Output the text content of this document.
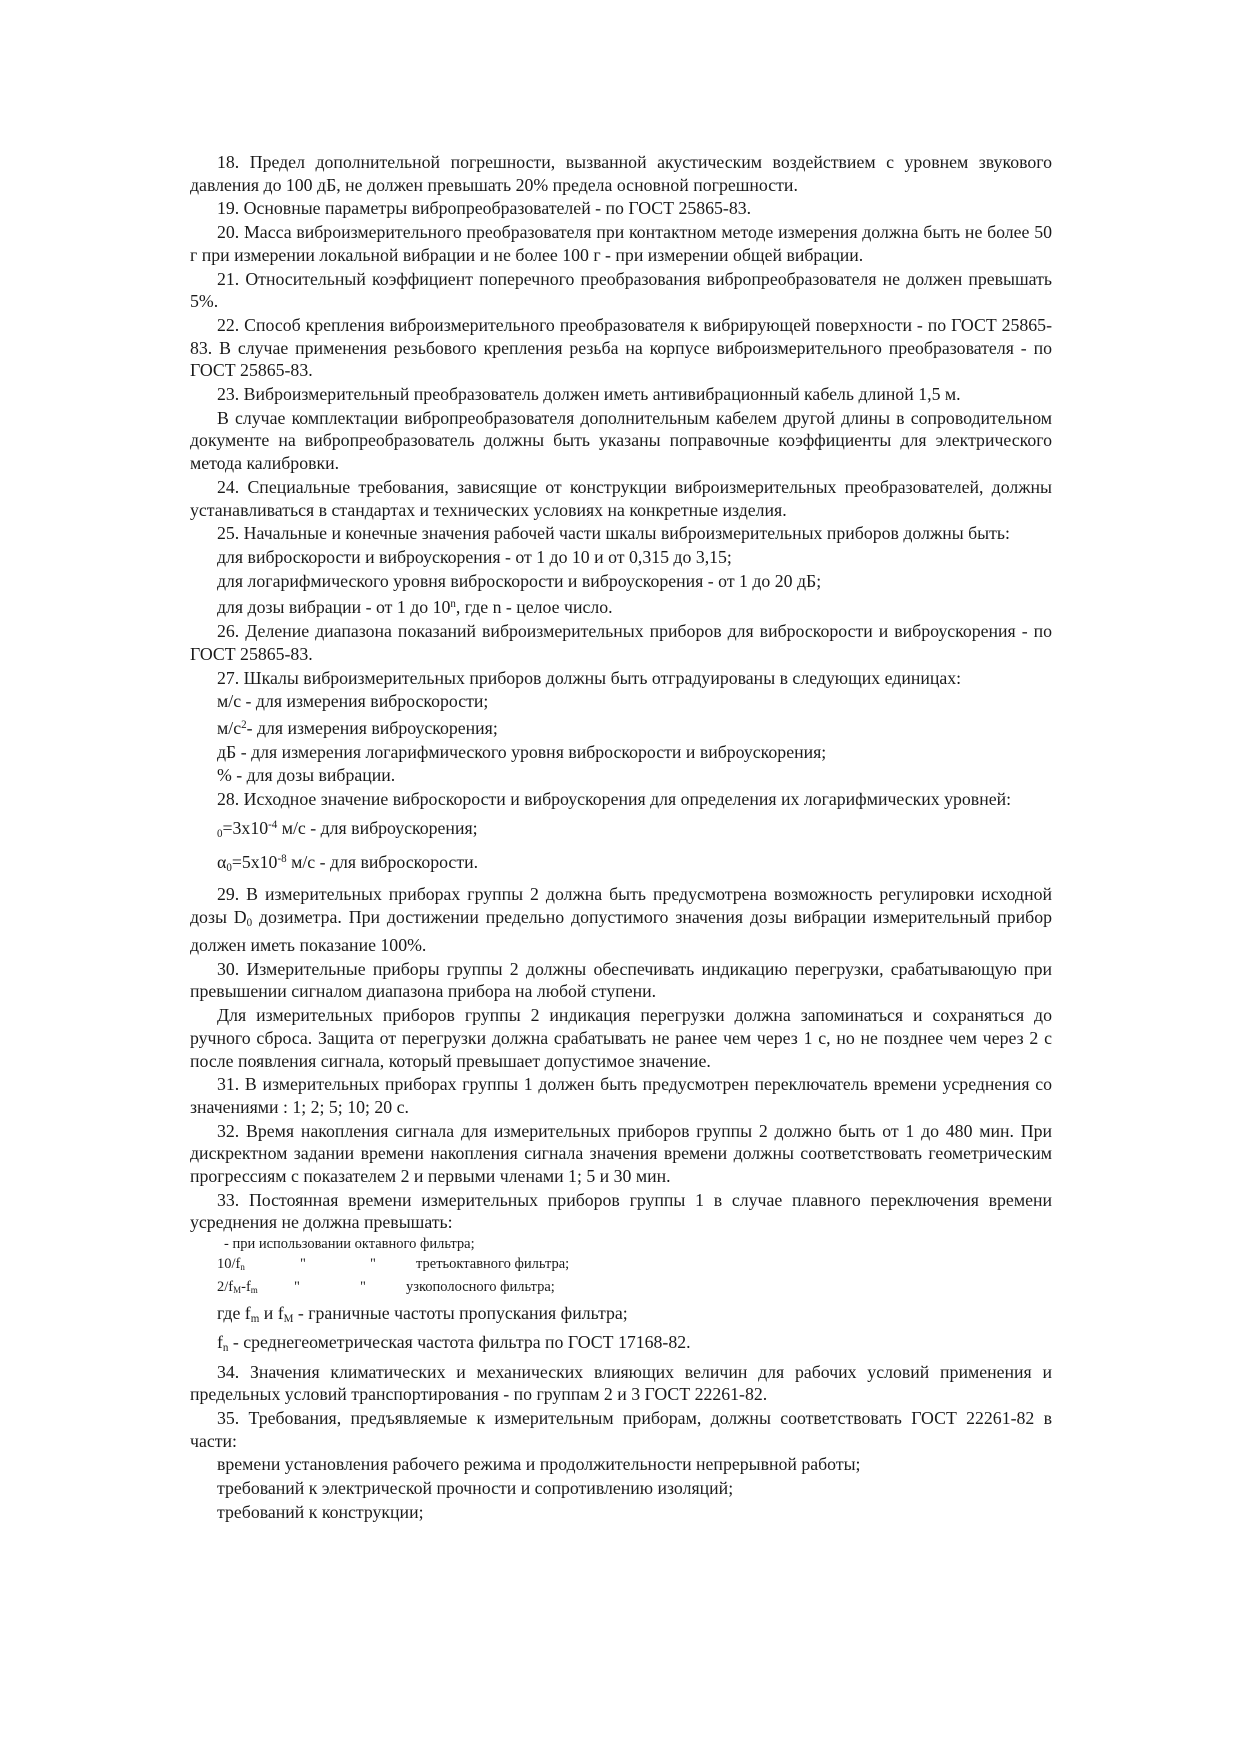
18. Предел дополнительной погрешности, вызванной акустическим воздействием с уровнем звукового давления до 100 дБ, не должен превышать 20% предела основной погрешности.

19. Основные параметры вибропреобразователей - по ГОСТ 25865-83.

20. Масса виброизмерительного преобразователя при контактном методе измерения должна быть не более 50 г при измерении локальной вибрации и не более 100 г - при измерении общей вибрации.

21. Относительный коэффициент поперечного преобразования вибропреобразователя не должен превышать 5%.

22. Способ крепления виброизмерительного преобразователя к вибрирующей поверхности - по ГОСТ 25865-83. В случае применения резьбового крепления резьба на корпусе виброизмерительного преобразователя - по ГОСТ 25865-83.

23. Виброизмерительный преобразователь должен иметь антивибрационный кабель длиной 1,5 м.

В случае комплектации вибропреобразователя дополнительным кабелем другой длины в сопроводительном документе на вибропреобразователь должны быть указаны поправочные коэффициенты для электрического метода калибровки.

24. Специальные требования, зависящие от конструкции виброизмерительных преобразователей, должны устанавливаться в стандартах и технических условиях на конкретные изделия.

25. Начальные и конечные значения рабочей части шкалы виброизмерительных приборов должны быть:

для виброскорости и виброускорения - от 1 до 10 и от 0,315 до 3,15;

для логарифмического уровня виброскорости и виброускорения - от 1 до 20 дБ;

для дозы вибрации - от 1 до 10$^n$, где n - целое число.

26. Деление диапазона показаний виброизмерительных приборов для виброскорости и виброускорения - по ГОСТ 25865-83.

27. Шкалы виброизмерительных приборов должны быть отградуированы в следующих единицах:

м/с - для измерения виброскорости;

$м/с^2-$ для измерения виброускорения;

дБ - для измерения логарифмического уровня виброскорости и виброускорения;

% - для дозы вибрации.

28. Исходное значение виброскорости и виброускорения для определения их логарифмических уровней:

$_0=3х10^{-4}$ м/с - для виброускорения;

$\alpha_0=5х10^{-8}$ м/с - для виброскорости.

29. В измерительных приборах группы 2 должна быть предусмотрена возможность регулировки исходной дозы $D_0$ дозиметра. При достижении предельно допустимого значения дозы вибрации измерительный прибор должен иметь показание 100%.

30. Измерительные приборы группы 2 должны обеспечивать индикацию перегрузки, срабатывающую при превышении сигналом диапазона прибора на любой ступени.

Для измерительных приборов группы 2 индикация перегрузки должна запоминаться и сохраняться до ручного сброса. Защита от перегрузки должна срабатывать не ранее чем через 1 с, но не позднее чем через 2 с после появления сигнала, который превышает допустимое значение.

31. В измерительных приборах группы 1 должен быть предусмотрен переключатель времени усреднения со значениями : 1; 2; 5; 10; 20 с.

32. Время накопления сигнала для измерительных приборов группы 2 должно быть от 1 до 480 мин. При дискректном задании времени накопления сигнала значения времени должны соответствовать геометрическим прогрессиям с показателем 2 и первыми членами 1; 5 и 30 мин.

33. Постоянная времени измерительных приборов группы 1 в случае плавного переключения времени усреднения не должна превышать:

- при использовании октавного фильтра;

$10/f_n$	"	"	третьоктавного фильтра;

$2/f_M-f_m$ "	"	узкополосного фильтра;

где $f_m$ и $f_M$ - граничные частоты пропускания фильтра;

$f_n$ - среднегеометрическая частота фильтра по ГОСТ 17168-82.

34. Значения климатических и механических влияющих величин для рабочих условий применения и предельных условий транспортирования - по группам 2 и 3 ГОСТ 22261-82.

35. Требования, предъявляемые к измерительным приборам, должны соответствовать ГОСТ 22261-82 в части:

времени установления рабочего режима и продолжительности непрерывной работы;

требований к электрической прочности и сопротивлению изоляций;

требований к конструкции;
